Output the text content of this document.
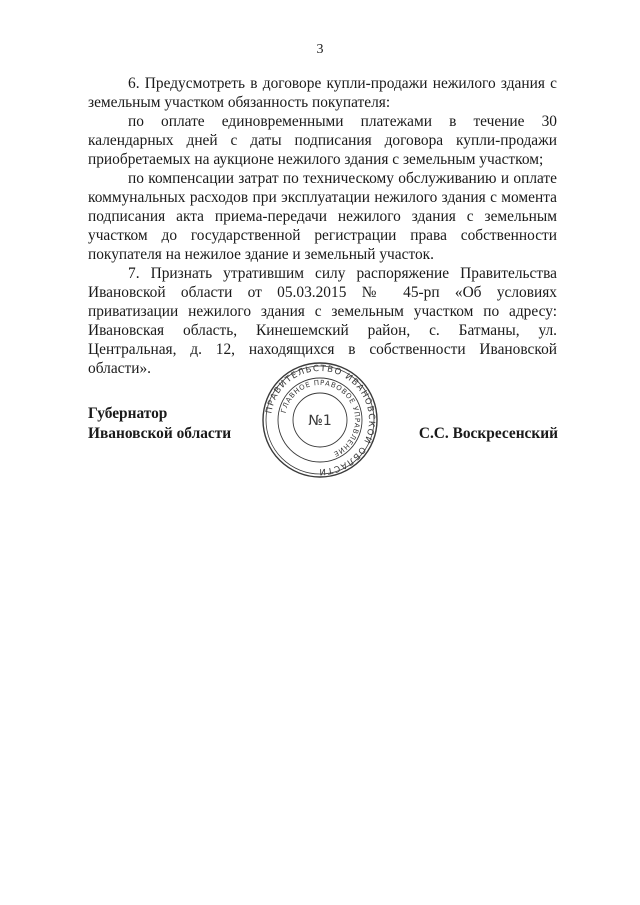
3

6. Предусмотреть в договоре купли-продажи нежилого здания с земельным участком обязанность покупателя:

по оплате единовременными платежами в течение 30 календарных дней с даты подписания договора купли-продажи приобретаемых на аукционе нежилого здания с земельным участком;

по компенсации затрат по техническому обслуживанию и оплате коммунальных расходов при эксплуатации нежилого здания с момента подписания акта приема-передачи нежилого здания с земельным участком до государственной регистрации права собственности покупателя на нежилое здание и земельный участок.

7. Признать утратившим силу распоряжение Правительства Ивановской области от 05.03.2015 № 45-рп «Об условиях приватизации нежилого здания с земельным участком по адресу: Ивановская область, Кинешемский район, с. Батманы, ул. Центральная, д. 12, находящихся в собственности Ивановской области».

Губернатор
Ивановской области	С.С. Воскресенский
ПРАВИТЕЛЬСТВО ИВАНОВСКОЙ ОБЛАСТИ
ГЛАВНОЕ ПРАВОВОЕ УПРАВЛЕНИЕ
№1
